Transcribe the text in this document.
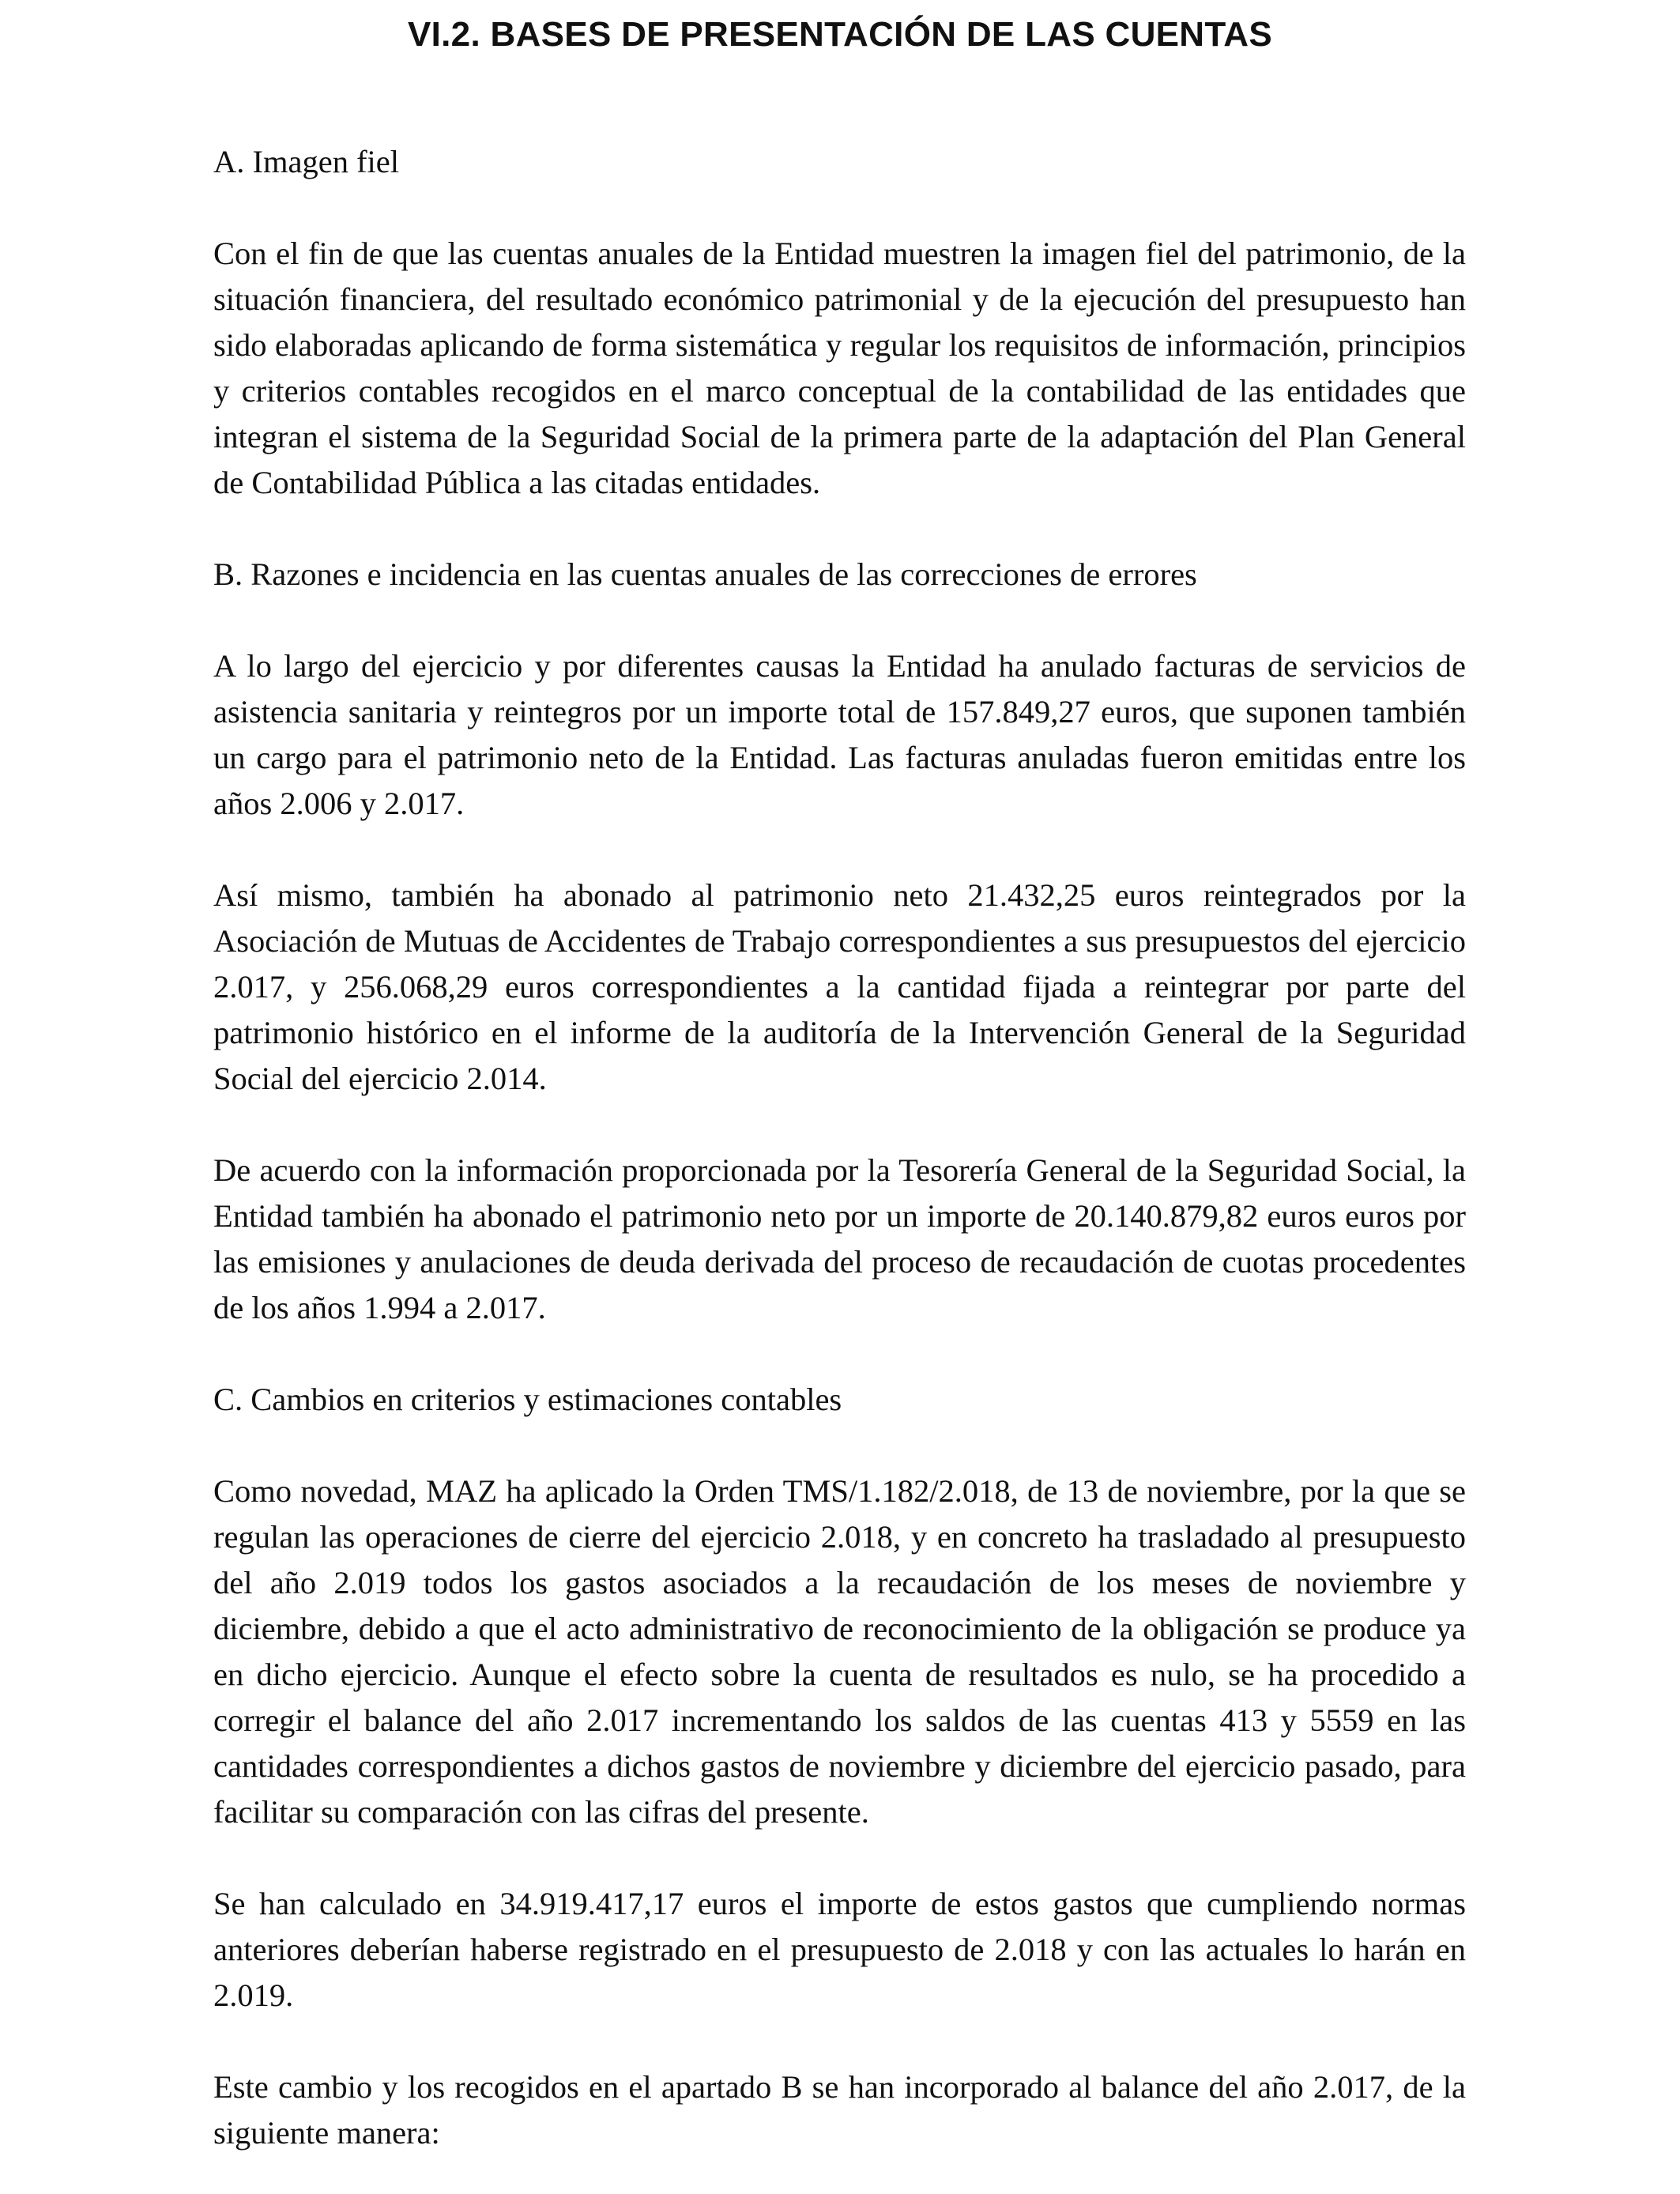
VI.2. BASES DE PRESENTACIÓN DE LAS CUENTAS

A. Imagen fiel

Con el fin de que las cuentas anuales de la Entidad muestren la imagen fiel del patrimonio, de la situación financiera, del resultado económico patrimonial y de la ejecución del presupuesto han sido elaboradas aplicando de forma sistemática y regular los requisitos de información, principios y criterios contables recogidos en el marco conceptual de la contabilidad de las entidades que integran el sistema de la Seguridad Social de la primera parte de la adaptación del Plan General de Contabilidad Pública a las citadas entidades.

B. Razones e incidencia en las cuentas anuales de las correcciones de errores

A lo largo del ejercicio y por diferentes causas la Entidad ha anulado facturas de servicios de asistencia sanitaria y reintegros por un importe total de 157.849,27 euros, que suponen también un cargo para el patrimonio neto de la Entidad. Las facturas anuladas fueron emitidas entre los años 2.006 y 2.017.

Así mismo, también ha abonado al patrimonio neto 21.432,25 euros reintegrados por la Asociación de Mutuas de Accidentes de Trabajo correspondientes a sus presupuestos del ejercicio 2.017, y 256.068,29 euros correspondientes a la cantidad fijada a reintegrar por parte del patrimonio histórico en el informe de la auditoría de la Intervención General de la Seguridad Social del ejercicio 2.014.

De acuerdo con la información proporcionada por la Tesorería General de la Seguridad Social, la Entidad también ha abonado el patrimonio neto por un importe de 20.140.879,82 euros euros por las emisiones y anulaciones de deuda derivada del proceso de recaudación de cuotas procedentes de los años 1.994 a 2.017.

C. Cambios en criterios y estimaciones contables

Como novedad, MAZ ha aplicado la Orden TMS/1.182/2.018, de 13 de noviembre, por la que se regulan las operaciones de cierre del ejercicio 2.018, y en concreto ha trasladado al presupuesto del año 2.019 todos los gastos asociados a la recaudación de los meses de noviembre y diciembre, debido a que el acto administrativo de reconocimiento de la obligación se produce ya en dicho ejercicio. Aunque el efecto sobre la cuenta de resultados es nulo, se ha procedido a corregir el balance del año 2.017 incrementando los saldos de las cuentas 413 y 5559 en las cantidades correspondientes a dichos gastos de noviembre y diciembre del ejercicio pasado, para facilitar su comparación con las cifras del presente.

Se han calculado en 34.919.417,17 euros el importe de estos gastos que cumpliendo normas anteriores deberían haberse registrado en el presupuesto de 2.018 y con las actuales lo harán en 2.019.

Este cambio y los recogidos en el apartado B se han incorporado al balance del año 2.017, de la siguiente manera:
